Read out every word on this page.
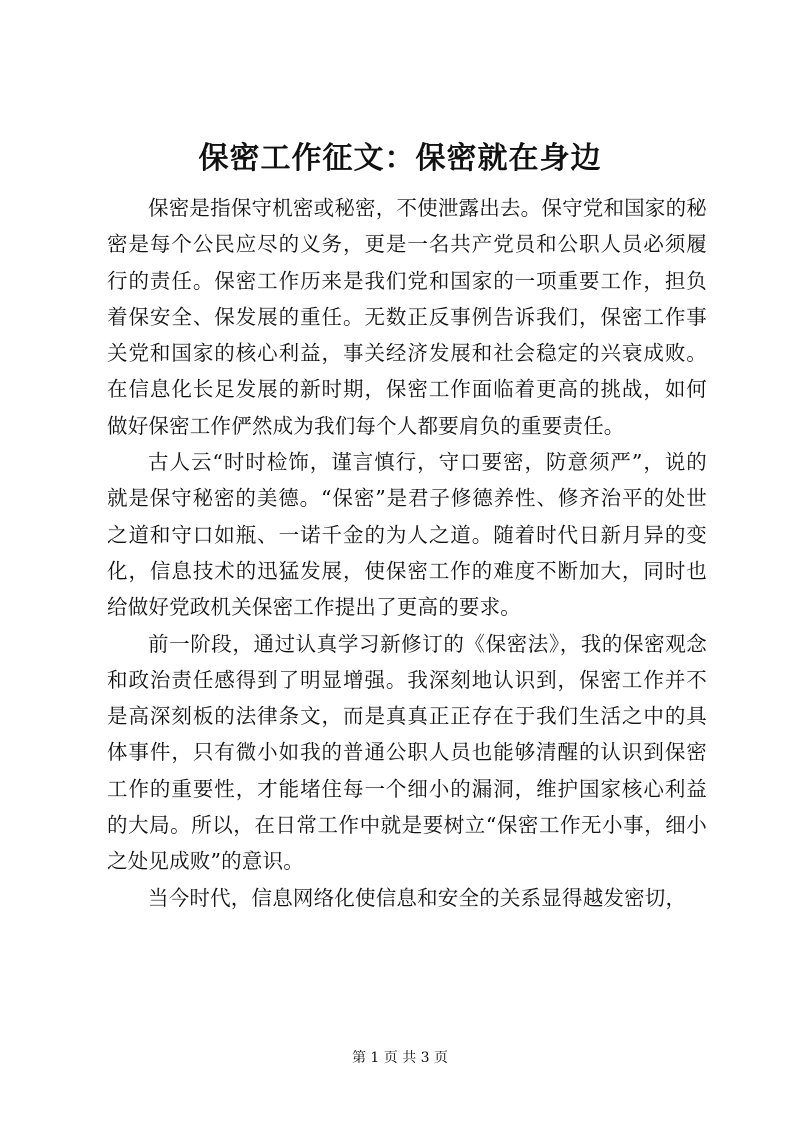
保密工作征文：保密就在身边

保密是指保守机密或秘密，不使泄露出去。保守党和国家的秘密是每个公民应尽的义务，更是一名共产党员和公职人员必须履行的责任。保密工作历来是我们党和国家的一项重要工作，担负着保安全、保发展的重任。无数正反事例告诉我们，保密工作事关党和国家的核心利益，事关经济发展和社会稳定的兴衰成败。在信息化长足发展的新时期，保密工作面临着更高的挑战，如何做好保密工作俨然成为我们每个人都要肩负的重要责任。

古人云“时时检饰，谨言慎行，守口要密，防意须严”，说的就是保守秘密的美德。“保密”是君子修德养性、修齐治平的处世之道和守口如瓶、一诺千金的为人之道。随着时代日新月异的变化，信息技术的迅猛发展，使保密工作的难度不断加大，同时也给做好党政机关保密工作提出了更高的要求。

前一阶段，通过认真学习新修订的《保密法》，我的保密观念和政治责任感得到了明显增强。我深刻地认识到，保密工作并不是高深刻板的法律条文，而是真真正正存在于我们生活之中的具体事件，只有微小如我的普通公职人员也能够清醒的认识到保密工作的重要性，才能堵住每一个细小的漏洞，维护国家核心利益的大局。所以，在日常工作中就是要树立“保密工作无小事，细小之处见成败”的意识。

当今时代，信息网络化使信息和安全的关系显得越发密切，

第 1 页 共 3 页
